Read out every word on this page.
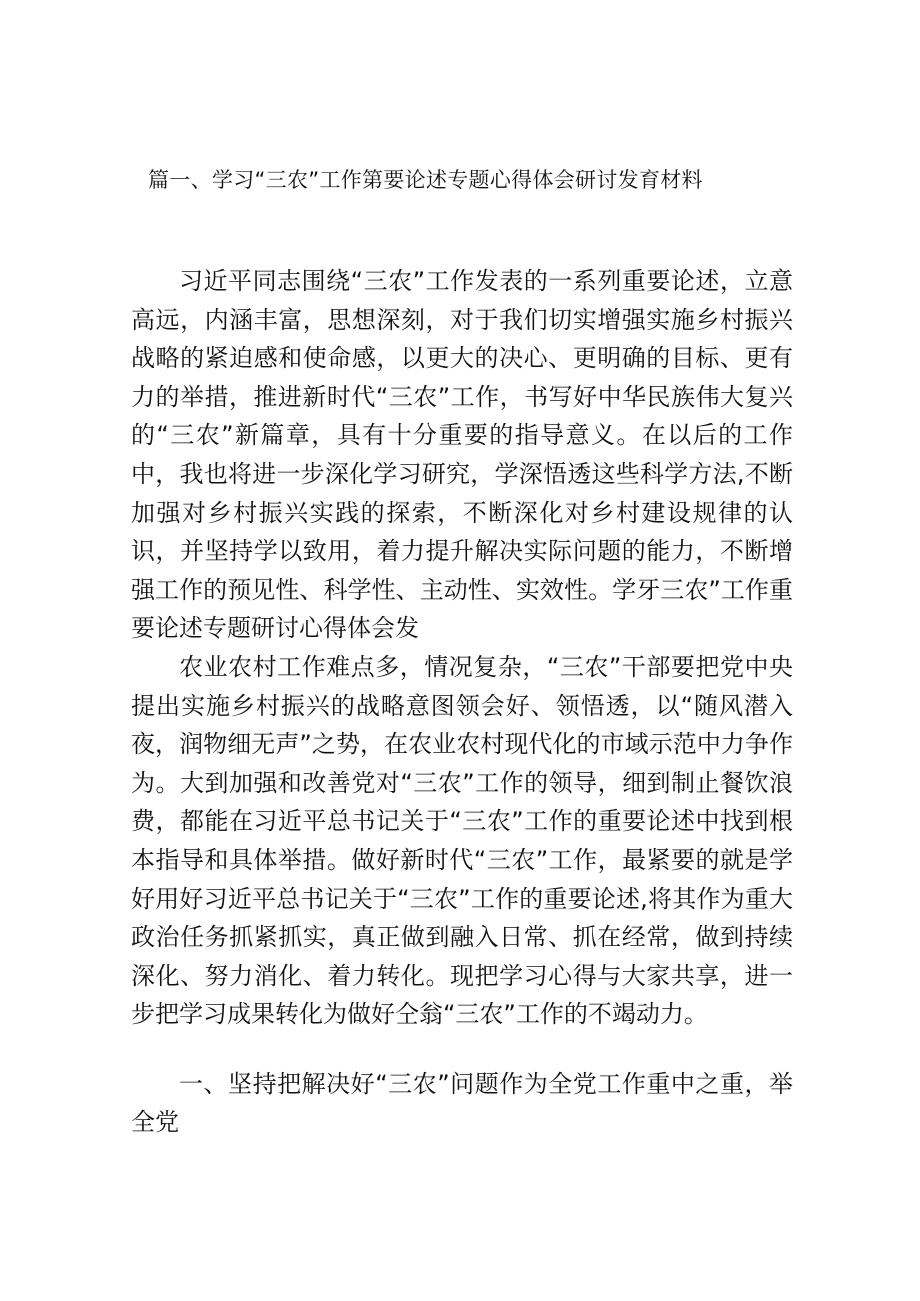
篇一、学习“三农”工作第要论述专题心得体会研讨发育材料

习近平同志围绕“三农”工作发表的一系列重要论述，立意高远，内涵丰富，思想深刻，对于我们切实增强实施乡村振兴战略的紧迫感和使命感，以更大的决心、更明确的目标、更有力的举措，推进新时代“三农”工作，书写好中华民族伟大复兴的“三农”新篇章，具有十分重要的指导意义。在以后的工作中，我也将进一步深化学习研究，学深悟透这些科学方法,不断加强对乡村振兴实践的探索，不断深化对乡村建设规律的认识，并坚持学以致用，着力提升解决实际问题的能力，不断增强工作的预见性、科学性、主动性、实效性。学牙三农”工作重要论述专题研讨心得体会发

农业农村工作难点多，情况复杂，“三农”干部要把党中央提出实施乡村振兴的战略意图领会好、领悟透，以“随风潜入夜，润物细无声”之势，在农业农村现代化的市域示范中力争作为。大到加强和改善党对“三农”工作的领导，细到制止餐饮浪费，都能在习近平总书记关于“三农”工作的重要论述中找到根本指导和具体举措。做好新时代“三农”工作，最紧要的就是学好用好习近平总书记关于“三农”工作的重要论述,将其作为重大政治任务抓紧抓实，真正做到融入日常、抓在经常，做到持续深化、努力消化、着力转化。现把学习心得与大家共享，进一步把学习成果转化为做好仝翁“三农”工作的不竭动力。

一、坚持把解决好“三农”问题作为全党工作重中之重，举全党
